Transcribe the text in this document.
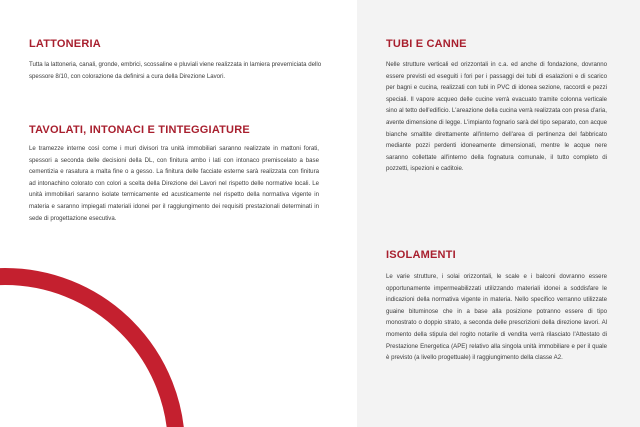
LATTONERIA

Tutta la lattoneria, canali, gronde, embrici, scossaline e pluviali viene realizzata in lamiera preverniciata dello spessore 8/10, con colorazione da definirsi a cura della Direzione Lavori.

TAVOLATI, INTONACI E TINTEGGIATURE

Le tramezze interne così come i muri divisori tra unità immobiliari saranno realizzate in mattoni forati, spessori a seconda delle decisioni della DL, con finitura ambo i lati con intonaco premiscelato a base cementizia e rasatura a malta fine o a gesso. La finitura delle facciate esterne sarà realizzata con finitura ad intonachino colorato con colori a scelta della Direzione dei Lavori nel rispetto delle normative locali. Le unità immobiliari saranno isolate termicamente ed acusticamente nel rispetto della normativa vigente in materia e saranno impiegati materiali idonei per il raggiungimento dei requisiti prestazionali determinati in sede di progettazione esecutiva.

TUBI E CANNE

Nelle strutture verticali ed orizzontali in c.a. ed anche di fondazione, dovranno essere previsti ed eseguiti i fori per i passaggi dei tubi di esalazioni e di scarico per bagni e cucina, realizzati con tubi in PVC di idonea sezione, raccordi e pezzi speciali. Il vapore acqueo delle cucine verrà evacuato tramite colonna verticale sino al tetto dell'edificio. L'areazione della cucina verrà realizzata con presa d'aria, avente dimensione di legge. L'impianto fognario sarà del tipo separato, con acque bianche smaltite direttamente all'interno dell'area di pertinenza del fabbricato mediante pozzi perdenti idoneamente dimensionati, mentre le acque nere saranno collettate all'interno della fognatura comunale, il tutto completo di pozzetti, ispezioni e caditoie.

ISOLAMENTI

Le varie strutture, i solai orizzontali, le scale e i balconi dovranno essere opportunamente impermeabilizzati utilizzando materiali idonei a soddisfare le indicazioni della normativa vigente in materia. Nello specifico verranno utilizzate guaine bituminose che in a base alla posizione potranno essere di tipo monostrato o doppio strato, a seconda delle prescrizioni della direzione lavori. Al momento della stipula del rogito notarile di vendita verrà rilasciato l'Attestato di Prestazione Energetica (APE) relativo alla singola unità immobiliare e per il quale è previsto (a livello progettuale) il raggiungimento della classe A2.
